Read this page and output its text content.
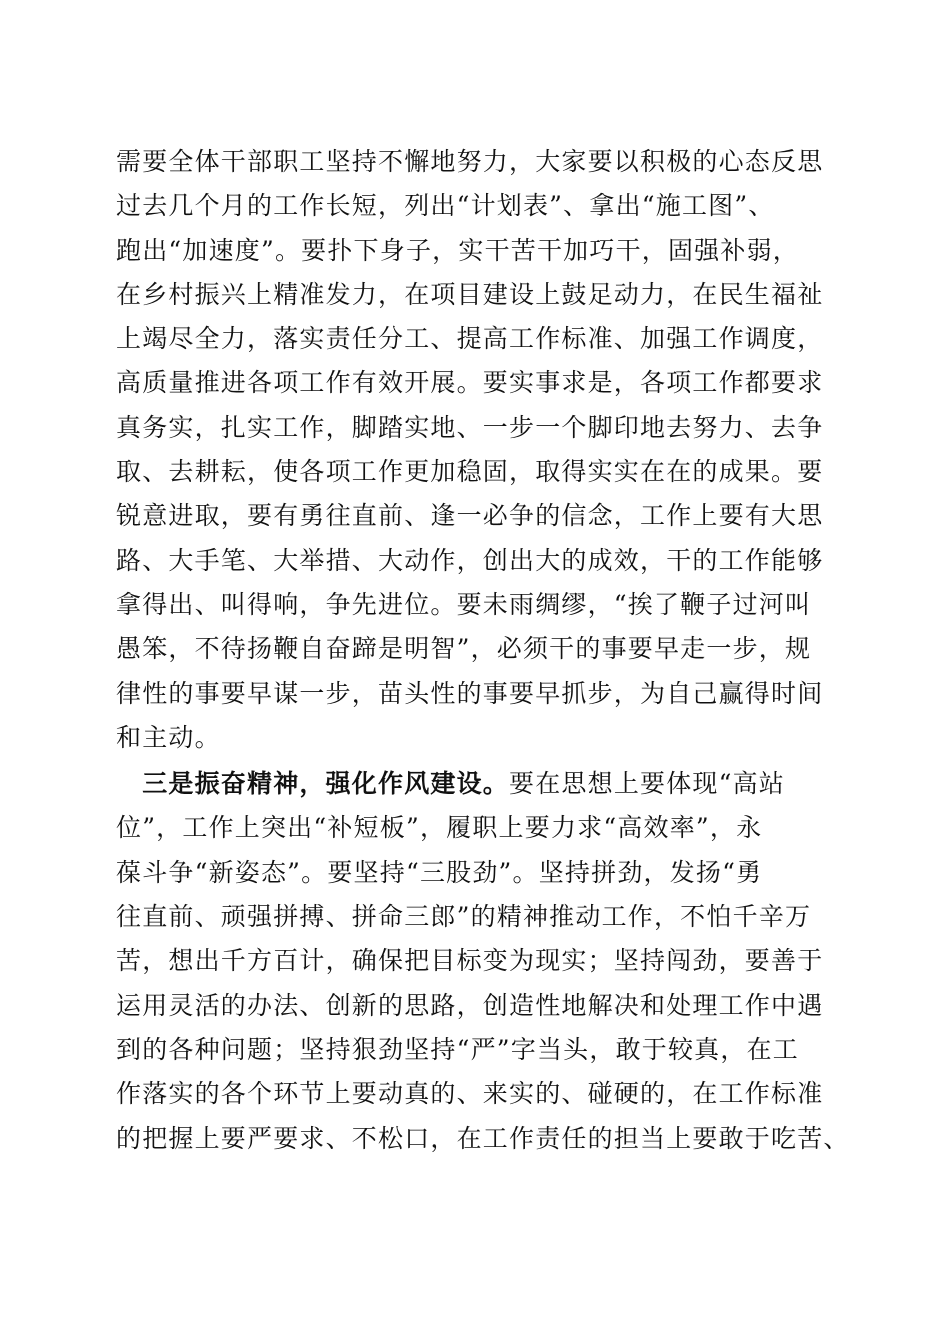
需要全体干部职工坚持不懈地努力，大家要以积极的心态反思
过去几个月的工作长短，列出“计划表”、拿出“施工图”、
跑出“加速度”。要扑下身子，实干苦干加巧干，固强补弱，
在乡村振兴上精准发力，在项目建设上鼓足动力，在民生福祉
上竭尽全力，落实责任分工、提高工作标准、加强工作调度，
高质量推进各项工作有效开展。要实事求是，各项工作都要求
真务实，扎实工作，脚踏实地、一步一个脚印地去努力、去争
取、去耕耘，使各项工作更加稳固，取得实实在在的成果。要
锐意进取，要有勇往直前、逢一必争的信念，工作上要有大思
路、大手笔、大举措、大动作，创出大的成效，干的工作能够
拿得出、叫得响，争先进位。要未雨绸缪，“挨了鞭子过河叫
愚笨，不待扬鞭自奋蹄是明智”，必须干的事要早走一步，规
律性的事要早谋一步，苗头性的事要早抓步，为自己赢得时间
和主动。
　三是振奋精神，强化作风建设。要在思想上要体现“高站
位”，工作上突出“补短板”，履职上要力求“高效率”，永
葆斗争“新姿态”。要坚持“三股劲”。坚持拼劲，发扬“勇
往直前、顽强拼搏、拼命三郎”的精神推动工作，不怕千辛万
苦，想出千方百计，确保把目标变为现实；坚持闯劲，要善于
运用灵活的办法、创新的思路，创造性地解决和处理工作中遇
到的各种问题；坚持狠劲坚持“严”字当头，敢于较真，在工
作落实的各个环节上要动真的、来实的、碰硬的，在工作标准
的把握上要严要求、不松口，在工作责任的担当上要敢于吃苦、
